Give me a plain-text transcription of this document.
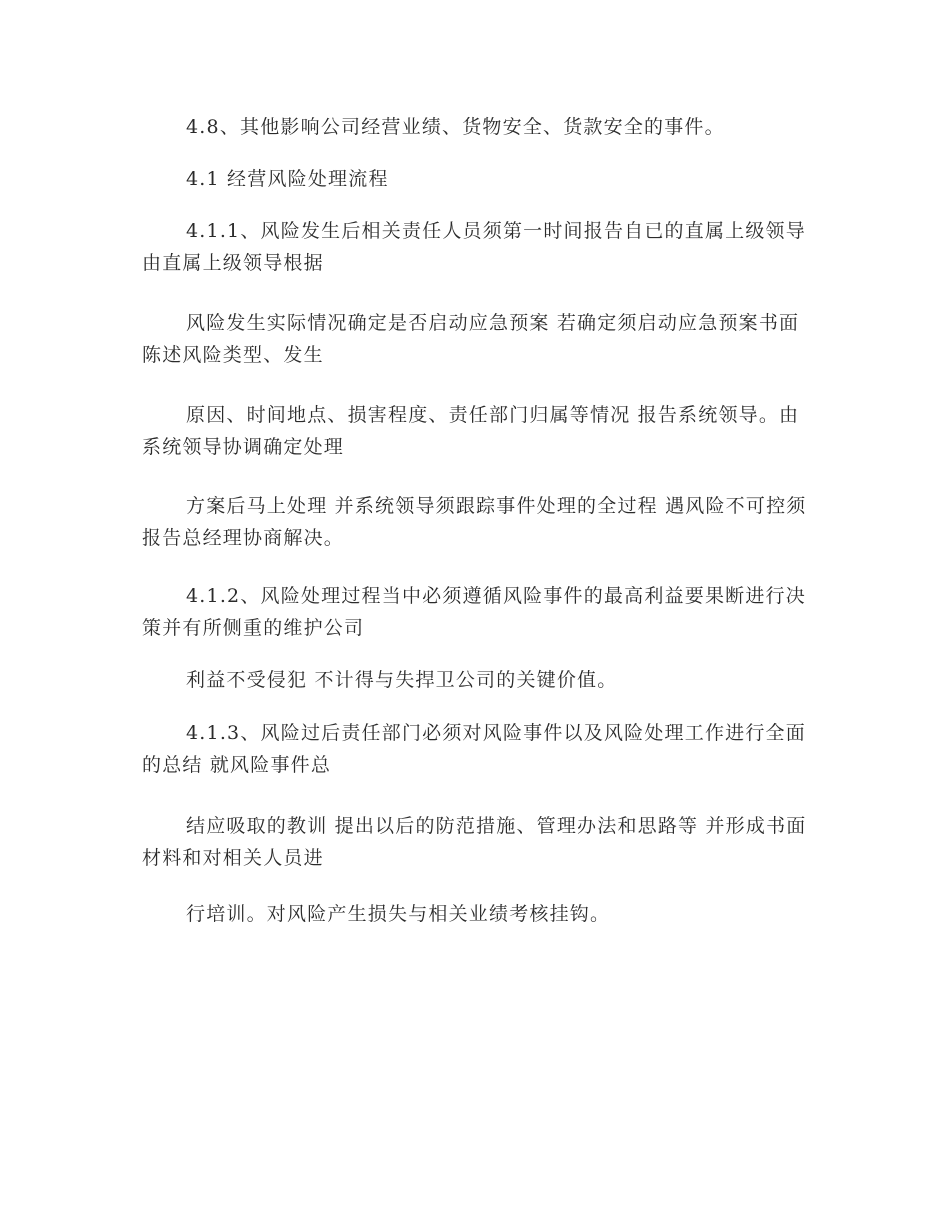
4.8、其他影响公司经营业绩、货物安全、货款安全的事件。

4.1 经营风险处理流程

4.1.1、风险发生后相关责任人员须第一时间报告自已的直属上级领导 由直属上级领导根据

风险发生实际情况确定是否启动应急预案 若确定须启动应急预案书面陈述风险类型、发生

原因、时间地点、损害程度、责任部门归属等情况 报告系统领导。由系统领导协调确定处理

方案后马上处理 并系统领导须跟踪事件处理的全过程 遇风险不可控须报告总经理协商解决。

4.1.2、风险处理过程当中必须遵循风险事件的最高利益要果断进行决策并有所侧重的维护公司

利益不受侵犯 不计得与失捍卫公司的关键价值。

4.1.3、风险过后责任部门必须对风险事件以及风险处理工作进行全面的总结 就风险事件总

结应吸取的教训 提出以后的防范措施、管理办法和思路等 并形成书面材料和对相关人员进

行培训。对风险产生损失与相关业绩考核挂钩。
